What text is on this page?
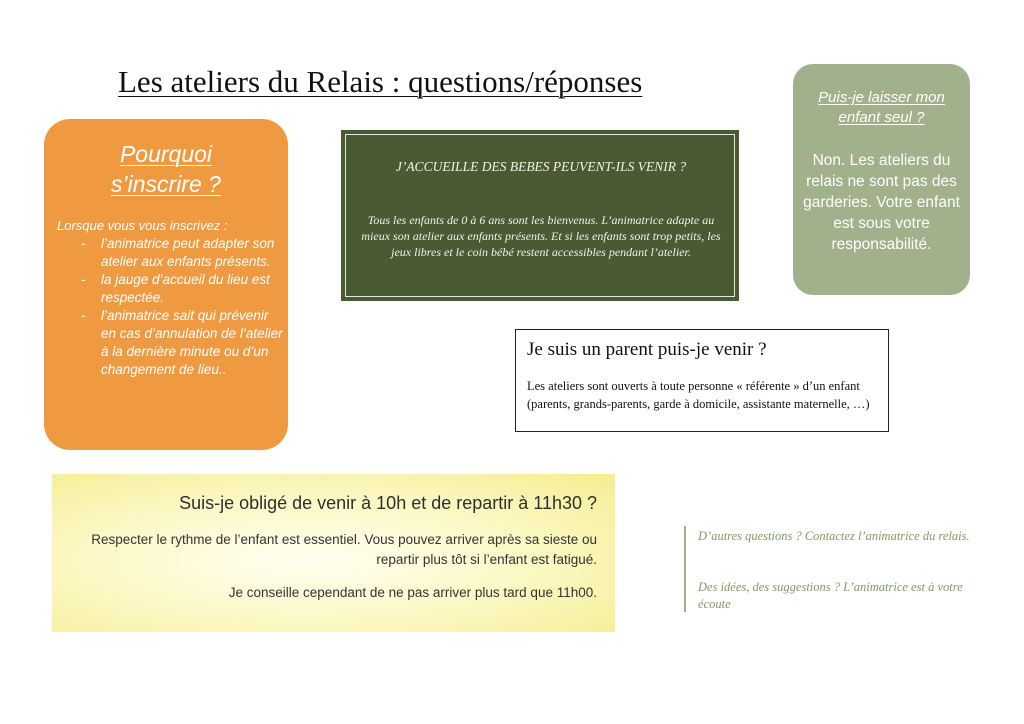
Les ateliers du Relais : questions/réponses
Pourquoi
s’inscrire ?
Lorsque vous vous inscrivez :
- l’animatrice peut adapter son atelier aux enfants présents.
- la jauge d’accueil du lieu est respectée.
- l’animatrice sait qui prévenir en cas d’annulation de l’atelier à la dernière minute ou d’un changement de lieu..
J’ACCUEILLE DES BEBES PEUVENT-ILS VENIR ?
Tous les enfants de 0 à 6 ans sont les bienvenus. L’animatrice adapte au mieux son atelier aux enfants présents. Et si les enfants sont trop petits, les jeux libres et le coin bébé restent accessibles pendant l’atelier.
Puis-je laisser mon enfant seul ?
Non. Les ateliers du relais ne sont pas des garderies. Votre enfant est sous votre responsabilité.
Je suis un parent puis-je venir ?
Les ateliers sont ouverts à toute personne « référente » d’un enfant (parents, grands-parents, garde à domicile, assistante maternelle, …)
Suis-je obligé de venir à 10h et de repartir à 11h30 ?
Respecter le rythme de l’enfant est essentiel. Vous pouvez arriver après sa sieste ou repartir plus tôt si l’enfant est fatigué.
Je conseille cependant de ne pas arriver plus tard que 11h00.
D’autres questions ? Contactez l’animatrice du relais.
Des idées, des suggestions ? L’animatrice est à votre écoute
